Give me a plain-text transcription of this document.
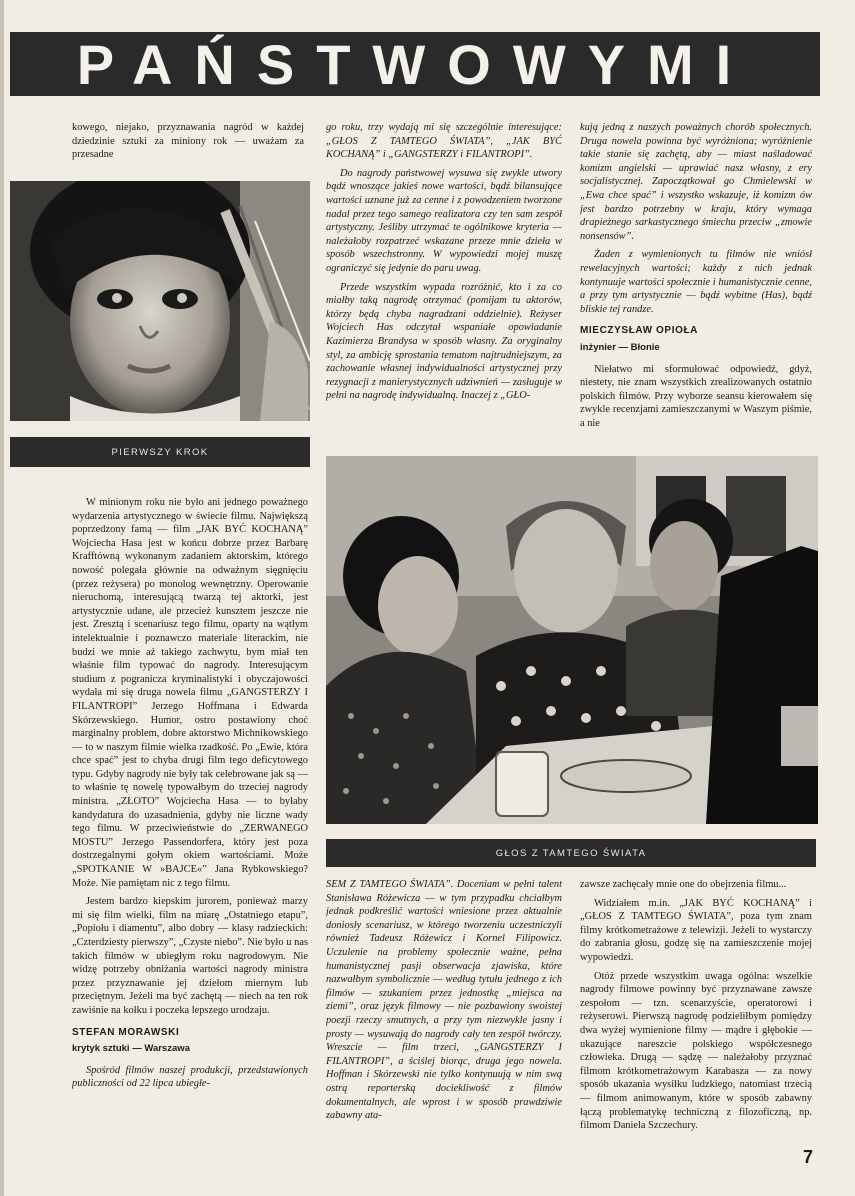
PAŃSTWOWYMI

kowego, niejako, przyznawania nagród w każdej dziedzinie sztuki za miniony rok — uważam za przesadne

PIERWSZY KROK

go roku, trzy wydają mi się szczególnie interesujące: „GŁOS Z TAMTEGO ŚWIATA”, „JAK BYĆ KOCHANĄ” i „GANGSTERZY i FILANTROPI”.

Do nagrody państwowej wysuwa się zwykle utwory bądź wnoszące jakieś nowe wartości, bądź bilansujące wartości uznane już za cenne i z powodzeniem tworzone nadal przez tego samego realizatora czy ten sam zespół artystyczny. Jeśliby utrzymać te ogólnikowe kryteria — należałoby rozpatrzeć wskazane przeze mnie dzieła w sposób wszechstronny. W wypowiedzi mojej muszę ograniczyć się jedynie do paru uwag.

Przede wszystkim wypada rozróżnić, kto i za co miałby taką nagrodę otrzymać (pomijam tu aktorów, którzy będą chyba nagradzani oddzielnie). Reżyser Wojciech Has odczytał wspaniałe opowiadanie Kazimierza Brandysa w sposób własny. Za oryginalny styl, za ambicję sprostania tematom najtrudniejszym, za zachowanie własnej indywidualności artystycznej przy rezygnacji z manierystycznych udziwnień — zasługuje w pełni na nagrodę indywidualną. Inaczej z „GŁO-

kują jedną z naszych poważnych chorób społecznych. Druga nowela powinna być wyróżniona; wyróżnienie takie stanie się zachętą, aby — miast naśladować komizm angielski — uprawiać nasz własny, z ery socjalistycznej. Zapoczątkował go Chmielewski w „Ewa chce spać” i wszystko wskazuje, iż komizm ów jest bardzo potrzebny w kraju, który wymaga drapieżnego sarkastycznego śmiechu przeciw „zmowie nonsensów”.

Żaden z wymienionych tu filmów nie wniósł rewelacyjnych wartości; każdy z nich jednak kontynuuje wartości społecznie i humanistycznie cenne, a przy tym artystycznie — bądź wybitne (Has), bądź bliskie tej randze.

MIECZYSŁAW OPIOŁA
inżynier — Błonie

Niełatwo mi sformułować odpowiedź, gdyż, niestety, nie znam wszystkich zrealizowanych ostatnio polskich filmów. Przy wyborze seansu kierowałem się zwykle recenzjami zamieszczanymi w Waszym piśmie, a nie

GŁOS Z TAMTEGO ŚWIATA

W minionym roku nie było ani jednego poważnego wydarzenia artystycznego w świecie filmu. Największą poprzedzony famą — film „JAK BYĆ KOCHANĄ” Wojciecha Hasa jest w końcu dobrze przez Barbarę Krafftówną wykonanym zadaniem aktorskim, którego nowość polegała głównie na odważnym sięgnięciu (przez reżysera) po monolog wewnętrzny. Operowanie nieruchomą, interesującą twarzą tej aktorki, jest artystycznie udane, ale przecież kunsztem jeszcze nie jest. Zresztą i scenariusz tego filmu, oparty na wątłym intelektualnie i poznawczo materiale literackim, nie budzi we mnie aż takiego zachwytu, bym miał ten właśnie film typować do nagrody. Interesującym studium z pogranicza kryminalistyki i obyczajowości wydała mi się druga nowela filmu „GANGSTERZY I FILANTROPI” Jerzego Hoffmana i Edwarda Skórzewskiego. Humor, ostro postawiony choć marginalny problem, dobre aktorstwo Michnikowskiego — to w naszym filmie wielka rzadkość. Po „Ewie, która chce spać” jest to chyba drugi film tego deficytowego typu. Gdyby nagrody nie były tak celebrowane jak są — to właśnie tę nowelę typowałbym do trzeciej nagrody ministra. „ZŁOTO” Wojciecha Hasa — to byłaby kandydatura do uzasadnienia, gdyby nie liczne wady tego filmu. W przeciwieństwie do „ZERWANEGO MOSTU” Jerzego Passendorfera, który jest poza dostrzegalnymi gołym okiem wartościami. Może „SPOTKANIE W »BAJCE«” Jana Rybkowskiego? Może. Nie pamiętam nic z tego filmu.

Jestem bardzo kiepskim jurorem, ponieważ marzy mi się film wielki, film na miarę „Ostatniego etapu”, „Popiołu i diamentu”, albo dobry — klasy radzieckich: „Czterdziesty pierwszy”, „Czyste niebo”. Nie było u nas takich filmów w ubiegłym roku nagrodowym. Nie widzę potrzeby obniżania wartości nagrody ministra przez przyznawanie jej dziełom miernym lub przeciętnym. Jeżeli ma być zachętą — niech na ten rok zawiśnie na kołku i poczeka lepszego urodzaju.

STEFAN MORAWSKI
krytyk sztuki — Warszawa

Spośród filmów naszej produkcji, przedstawionych publiczności od 22 lipca ubiegłe-

SEM Z TAMTEGO ŚWIATA”. Doceniam w pełni talent Stanisława Różewicza — w tym przypadku chciałbym jednak podkreślić wartości wniesione przez aktualnie doniosły scenariusz, w którego tworzeniu uczestniczyli również Tadeusz Różewicz i Kornel Filipowicz. Uczulenie na problemy społecznie ważne, pełna humanistycznej pasji obserwacja zjawiska, które nazwałbym symbolicznie — według tytułu jednego z ich filmów — szukaniem przez jednostkę „miejsca na ziemi”, oraz język filmowy — nie pozbawiony swoistej poezji rzeczy smutnych, a przy tym niezwykle jasny i prosty — wysuwają do nagrody cały ten zespół twórczy. Wreszcie — film trzeci, „GANGSTERZY I FILANTROPI”, a ściślej biorąc, druga jego nowela. Hoffman i Skórzewski nie tylko kontynuują w nim swą ostrą reporterską dociekliwość z filmów dokumentalnych, ale wprost i w sposób prawdziwie zabawny ata-

zawsze zachęcały mnie one do obejrzenia filmu...

Widziałem m.in. „JAK BYĆ KOCHANĄ” i „GŁOS Z TAMTEGO ŚWIATA”, poza tym znam filmy krótkometrażowe z telewizji. Jeżeli to wystarczy do zabrania głosu, godzę się na zamieszczenie mojej wypowiedzi.

Otóż przede wszystkim uwaga ogólna: wszelkie nagrody filmowe powinny być przyznawane zawsze zespołom — tzn. scenarzyście, operatorowi i reżyserowi. Pierwszą nagrodę podzieliłbym pomiędzy dwa wyżej wymienione filmy — mądre i głębokie — ukazujące nareszcie polskiego współczesnego człowieka. Drugą — sądzę — należałoby przyznać filmom krótkometrażowym Karabasza — za nowy sposób ukazania wysiłku ludzkiego, natomiast trzecią — filmom animowanym, które w sposób zabawny łączą problematykę techniczną z filozoficzną, np. filmom Daniela Szczechury.

7
